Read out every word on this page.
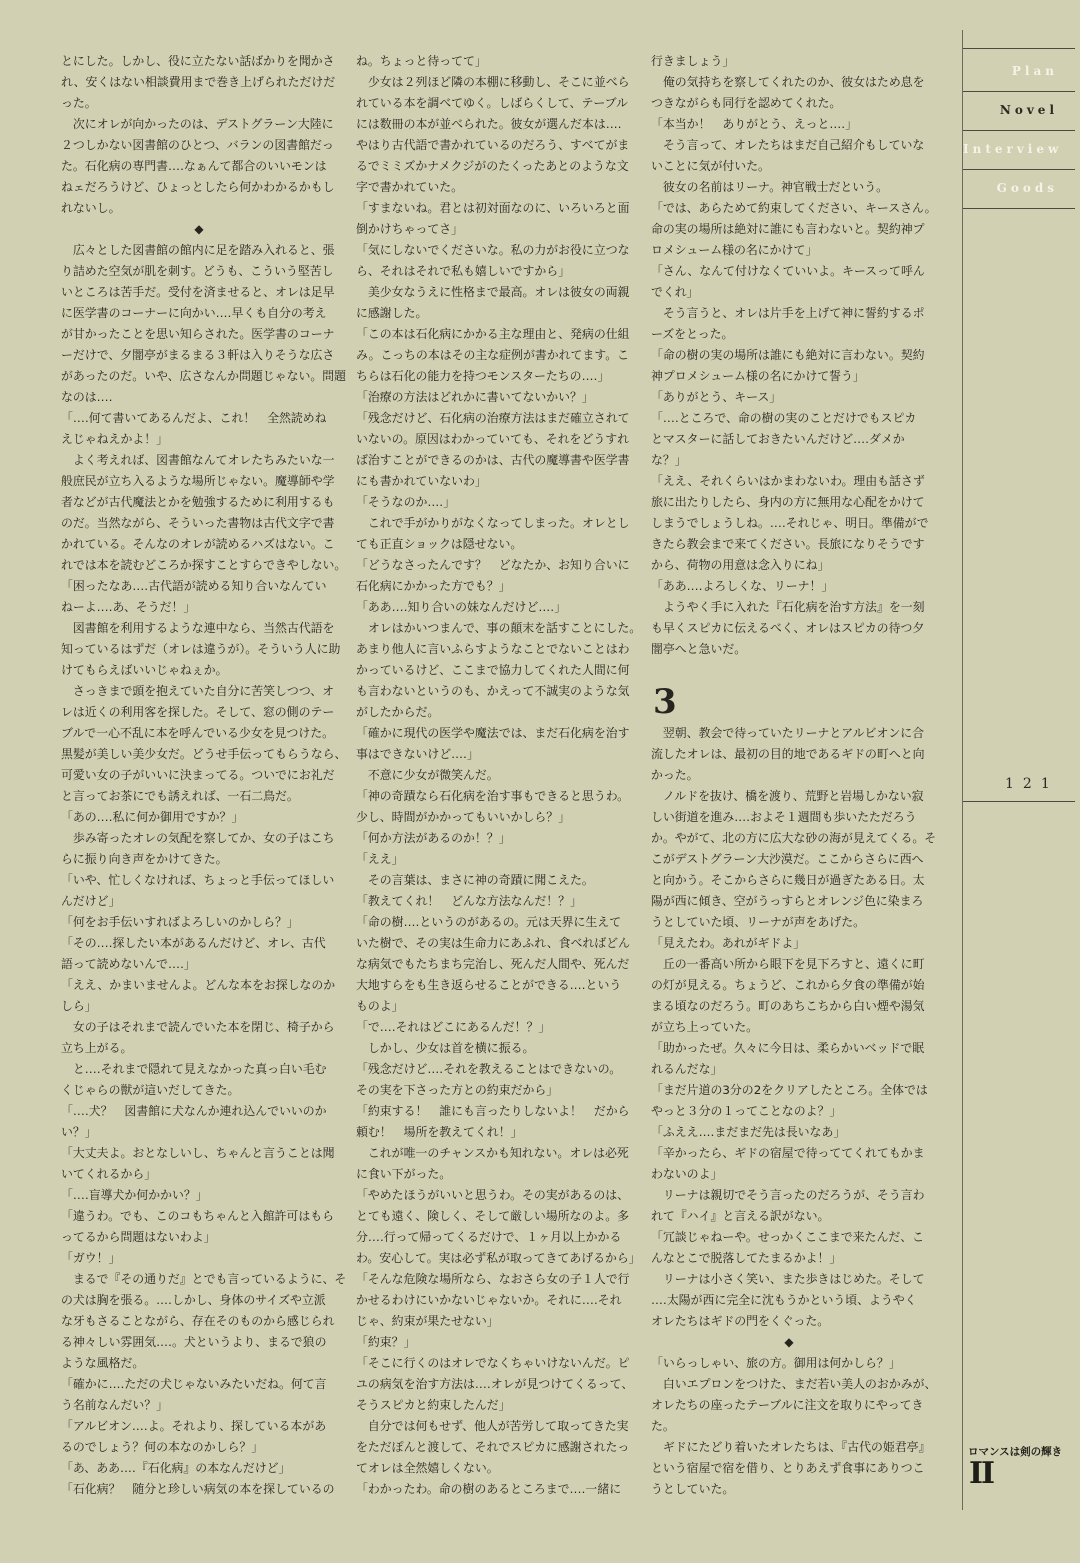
とにした。しかし、役に立たない話ばかりを聞かさ
れ、安くはない相談費用まで巻き上げられただけだ
った。
　次にオレが向かったのは、デストグラーン大陸に
２つしかない図書館のひとつ、バランの図書館だっ
た。石化病の専門書‥‥なぁんて都合のいいモンは
ねェだろうけど、ひょっとしたら何かわかるかもし
れないし。
◆
　広々とした図書館の館内に足を踏み入れると、張
り詰めた空気が肌を刺す。どうも、こういう堅苦し
いところは苦手だ。受付を済ませると、オレは足早
に医学書のコーナーに向かい‥‥早くも自分の考え
が甘かったことを思い知らされた。医学書のコーナ
ーだけで、夕闇亭がまるまる３軒は入りそうな広さ
があったのだ。いや、広さなんか問題じゃない。問題
なのは‥‥
「‥‥何て書いてあるんだよ、これ！　全然読めね
えじゃねえかよ！」
　よく考えれば、図書館なんてオレたちみたいな一
般庶民が立ち入るような場所じゃない。魔導師や学
者などが古代魔法とかを勉強するために利用するも
のだ。当然ながら、そういった書物は古代文字で書
かれている。そんなのオレが読めるハズはない。こ
れでは本を読むどころか探すことすらできやしない。
「困ったなあ‥‥古代語が読める知り合いなんてい
ねーよ‥‥あ、そうだ！」
　図書館を利用するような連中なら、当然古代語を
知っているはずだ（オレは違うが）。そういう人に助
けてもらえばいいじゃねぇか。
　さっきまで頭を抱えていた自分に苦笑しつつ、オ
レは近くの利用客を探した。そして、窓の側のテー
ブルで一心不乱に本を呼んでいる少女を見つけた。
黒髪が美しい美少女だ。どうせ手伝ってもらうなら、
可愛い女の子がいいに決まってる。ついでにお礼だ
と言ってお茶にでも誘えれば、一石二鳥だ。
「あの‥‥私に何か御用ですか？」
　歩み寄ったオレの気配を察してか、女の子はこち
らに振り向き声をかけてきた。
「いや、忙しくなければ、ちょっと手伝ってほしい
んだけど」
「何をお手伝いすればよろしいのかしら？」
「その‥‥探したい本があるんだけど、オレ、古代
語って読めないんで‥‥」
「ええ、かまいませんよ。どんな本をお探しなのか
しら」
　女の子はそれまで読んでいた本を閉じ、椅子から
立ち上がる。
　と‥‥それまで隠れて見えなかった真っ白い毛む
くじゃらの獣が這いだしてきた。
「‥‥犬？　図書館に犬なんか連れ込んでいいのか
い？」
「大丈夫よ。おとなしいし、ちゃんと言うことは聞
いてくれるから」
「‥‥盲導犬か何かかい？」
「違うわ。でも、このコもちゃんと入館許可はもら
ってるから問題はないわよ」
「ガウ！」
　まるで『その通りだ』とでも言っているように、そ
の犬は胸を張る。‥‥しかし、身体のサイズや立派
な牙もさることながら、存在そのものから感じられ
る神々しい雰囲気‥‥。犬というより、まるで狼の
ような風格だ。
「確かに‥‥ただの犬じゃないみたいだね。何て言
う名前なんだい？」
「アルビオン‥‥よ。それより、探している本があ
るのでしょう？何の本なのかしら？」
「あ、ああ‥‥『石化病』の本なんだけど」
「石化病？　随分と珍しい病気の本を探しているの
ね。ちょっと待ってて」
　少女は２列ほど隣の本棚に移動し、そこに並べら
れている本を調べてゆく。しばらくして、テーブル
には数冊の本が並べられた。彼女が選んだ本は‥‥
やはり古代語で書かれているのだろう、すべてがま
るでミミズかナメクジがのたくったあとのような文
字で書かれていた。
「すまないね。君とは初対面なのに、いろいろと面
倒かけちゃってさ」
「気にしないでくださいな。私の力がお役に立つな
ら、それはそれで私も嬉しいですから」
　美少女なうえに性格まで最高。オレは彼女の両親
に感謝した。
「この本は石化病にかかる主な理由と、発病の仕組
み。こっちの本はその主な症例が書かれてます。こ
ちらは石化の能力を持つモンスターたちの‥‥」
「治療の方法はどれかに書いてないかい？」
「残念だけど、石化病の治療方法はまだ確立されて
いないの。原因はわかっていても、それをどうすれ
ば治すことができるのかは、古代の魔導書や医学書
にも書かれていないわ」
「そうなのか‥‥」
　これで手がかりがなくなってしまった。オレとし
ても正直ショックは隠せない。
「どうなさったんです？　どなたか、お知り合いに
石化病にかかった方でも？」
「ああ‥‥知り合いの妹なんだけど‥‥」
　オレはかいつまんで、事の顛末を話すことにした。
あまり他人に言いふらすようなことでないことはわ
かっているけど、ここまで協力してくれた人間に何
も言わないというのも、かえって不誠実のような気
がしたからだ。
「確かに現代の医学や魔法では、まだ石化病を治す
事はできないけど‥‥」
　不意に少女が微笑んだ。
「神の奇蹟なら石化病を治す事もできると思うわ。
少し、時間がかかってもいいかしら？」
「何か方法があるのか！？」
「ええ」
　その言葉は、まさに神の奇蹟に聞こえた。
「教えてくれ！　どんな方法なんだ！？」
「命の樹‥‥というのがあるの。元は天界に生えて
いた樹で、その実は生命力にあふれ、食べればどん
な病気でもたちまち完治し、死んだ人間や、死んだ
大地すらをも生き返らせることができる‥‥という
ものよ」
「で‥‥それはどこにあるんだ！？」
　しかし、少女は首を横に振る。
「残念だけど‥‥それを教えることはできないの。
その実を下さった方との約束だから」
「約束する！　誰にも言ったりしないよ！　だから
頼む！　場所を教えてくれ！」
　これが唯一のチャンスかも知れない。オレは必死
に食い下がった。
「やめたほうがいいと思うわ。その実があるのは、
とても遠く、険しく、そして厳しい場所なのよ。多
分‥‥行って帰ってくるだけで、１ヶ月以上かかる
わ。安心して。実は必ず私が取ってきてあげるから」
「そんな危険な場所なら、なおさら女の子１人で行
かせるわけにいかないじゃないか。それに‥‥それ
じゃ、約束が果たせない」
「約束？」
「そこに行くのはオレでなくちゃいけないんだ。ピ
ユの病気を治す方法は‥‥オレが見つけてくるって、
そうスピカと約束したんだ」
　自分では何もせず、他人が苦労して取ってきた実
をただぽんと渡して、それでスピカに感謝されたっ
てオレは全然嬉しくない。
「わかったわ。命の樹のあるところまで‥‥一緒に
行きましょう」
　俺の気持ちを察してくれたのか、彼女はため息を
つきながらも同行を認めてくれた。
「本当か！　ありがとう、えっと‥‥」
　そう言って、オレたちはまだ自己紹介もしていな
いことに気が付いた。
　彼女の名前はリーナ。神官戦士だという。
「では、あらためて約束してください、キースさん。
命の実の場所は絶対に誰にも言わないと。契約神プ
ロメシューム様の名にかけて」
「さん、なんて付けなくていいよ。キースって呼ん
でくれ」
　そう言うと、オレは片手を上げて神に誓約するポ
ーズをとった。
「命の樹の実の場所は誰にも絶対に言わない。契約
神プロメシューム様の名にかけて誓う」
「ありがとう、キース」
「‥‥ところで、命の樹の実のことだけでもスピカ
とマスターに話しておきたいんだけど‥‥ダメか
な？」
「ええ、それくらいはかまわないわ。理由も話さず
旅に出たりしたら、身内の方に無用な心配をかけて
しまうでしょうしね。‥‥それじゃ、明日。準備がで
きたら教会まで来てください。長旅になりそうです
から、荷物の用意は念入りにね」
「ああ‥‥よろしくな、リーナ！」
　ようやく手に入れた『石化病を治す方法』を一刻
も早くスピカに伝えるべく、オレはスピカの待つ夕
闇亭へと急いだ。
3
　翌朝、教会で待っていたリーナとアルビオンに合
流したオレは、最初の目的地であるギドの町へと向
かった。
　ノルドを抜け、橋を渡り、荒野と岩場しかない寂
しい街道を進み‥‥およそ１週間も歩いたただろう
か。やがて、北の方に広大な砂の海が見えてくる。そ
こがデストグラーン大沙漠だ。ここからさらに西へ
と向かう。そこからさらに幾日が過ぎたある日。太
陽が西に傾き、空がうっすらとオレンジ色に染まろ
うとしていた頃、リーナが声をあげた。
「見えたわ。あれがギドよ」
　丘の一番高い所から眼下を見下ろすと、遠くに町
の灯が見える。ちょうど、これから夕食の準備が始
まる頃なのだろう。町のあちこちから白い煙や湯気
が立ち上っていた。
「助かったぜ。久々に今日は、柔らかいベッドで眠
れるんだな」
「まだ片道の3分の2をクリアしたところ。全体では
やっと３分の１ってことなのよ？」
「ふええ‥‥まだまだ先は長いなあ」
「辛かったら、ギドの宿屋で待っててくれてもかま
わないのよ」
　リーナは親切でそう言ったのだろうが、そう言わ
れて『ハイ』と言える訳がない。
「冗談じゃねーや。せっかくここまで来たんだ、こ
んなとこで脱落してたまるかよ！」
　リーナは小さく笑い、また歩きはじめた。そして
‥‥太陽が西に完全に沈もうかという頃、ようやく
オレたちはギドの門をくぐった。
◆
「いらっしゃい、旅の方。御用は何かしら？」
　白いエプロンをつけた、まだ若い美人のおかみが、
オレたちの座ったテーブルに注文を取りにやってき
た。
　ギドにたどり着いたオレたちは、『古代の姫君亭』
という宿屋で宿を借り、とりあえず食事にありつこ
うとしていた。
Plan
Novel
Interview
Goods
121
ロマンスは剣の輝き
II
